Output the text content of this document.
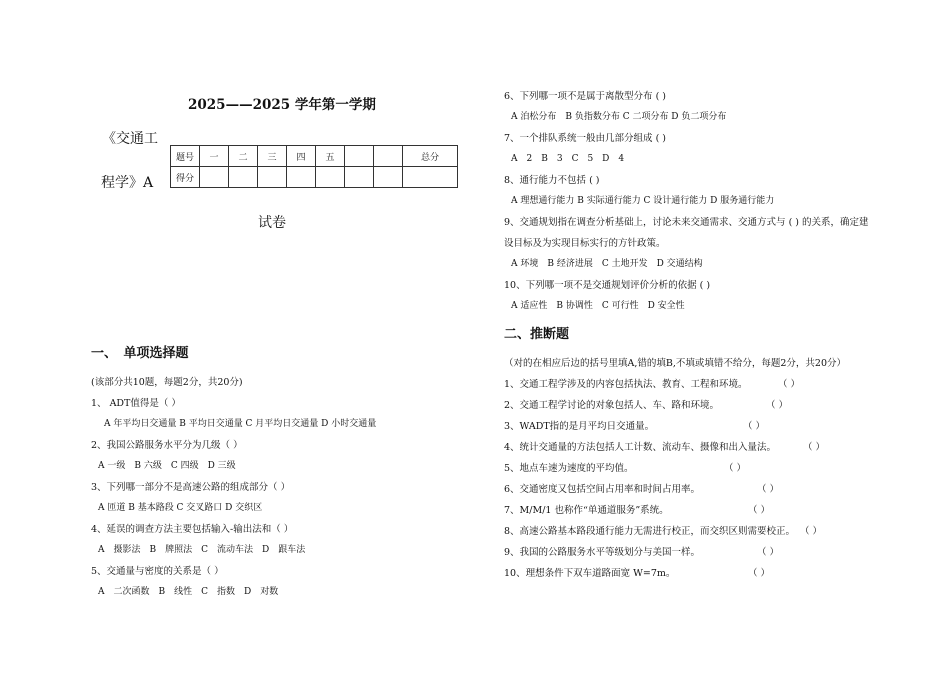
2025——2025 学年第一学期
《交通工
程学》A
试卷
题号	一	二	三	四	五			总分
得分								
一、　单项选择题
(该部分共10题，每题2分，共20分)
1、 ADT值得是（ ）
A 年平均日交通量 B 平均日交通量 C 月平均日交通量 D 小时交通量
2、我国公路服务水平分为几级（ ）
A 一级　B 六级　C 四级　D 三级
3、下列哪一部分不是高速公路的组成部分（ ）
A 匝道 B 基本路段 C 交叉路口 D 交织区
4、延误的调查方法主要包括输入-输出法和（ ）
A　摄影法　B　牌照法　C　流动车法　D　跟车法
5、交通量与密度的关系是（ ）
A　二次函数　B　线性　C　指数　D　对数
6、下列哪一项不是属于离散型分布 ( )
A 泊松分布　B 负指数分布 C 二项分布 D 负二项分布
7、一个排队系统一般由几部分组成 ( )
A　2　B　3　C　5　D　4
8、通行能力不包括 ( )
A 理想通行能力 B 实际通行能力 C 设计通行能力 D 服务通行能力
9、交通规划指在调查分析基础上，讨论未来交通需求、交通方式与 ( ) 的关系，确定建
设目标及为实现目标实行的方针政策。
A 环境　B 经济进展　C 土地开发　D 交通结构
10、下列哪一项不是交通规划评价分析的依据 ( )
A 适应性　B 协调性　C 可行性　D 安全性
二、推断题
（对的在相应后边的括号里填A,错的填B,不填或填错不给分，每题2分，共20分）
1、交通工程学涉及的内容包括执法、教育、工程和环境。	（ ）
2、交通工程学讨论的对象包括人、车、路和环境。	（ ）
3、WADT指的是月平均日交通量。	（ ）
4、统计交通量的方法包括人工计数、流动车、摄像和出入量法。	（ ）
5、地点车速为速度的平均值。	（ ）
6、交通密度又包括空间占用率和时间占用率。	（ ）
7、M/M/1 也称作“单通道服务”系统。	（ ）
8、高速公路基本路段通行能力无需进行校正，而交织区则需要校正。 （ ）
9、我国的公路服务水平等级划分与美国一样。	（ ）
10、理想条件下双车道路面宽 W=7m。	（ ）
